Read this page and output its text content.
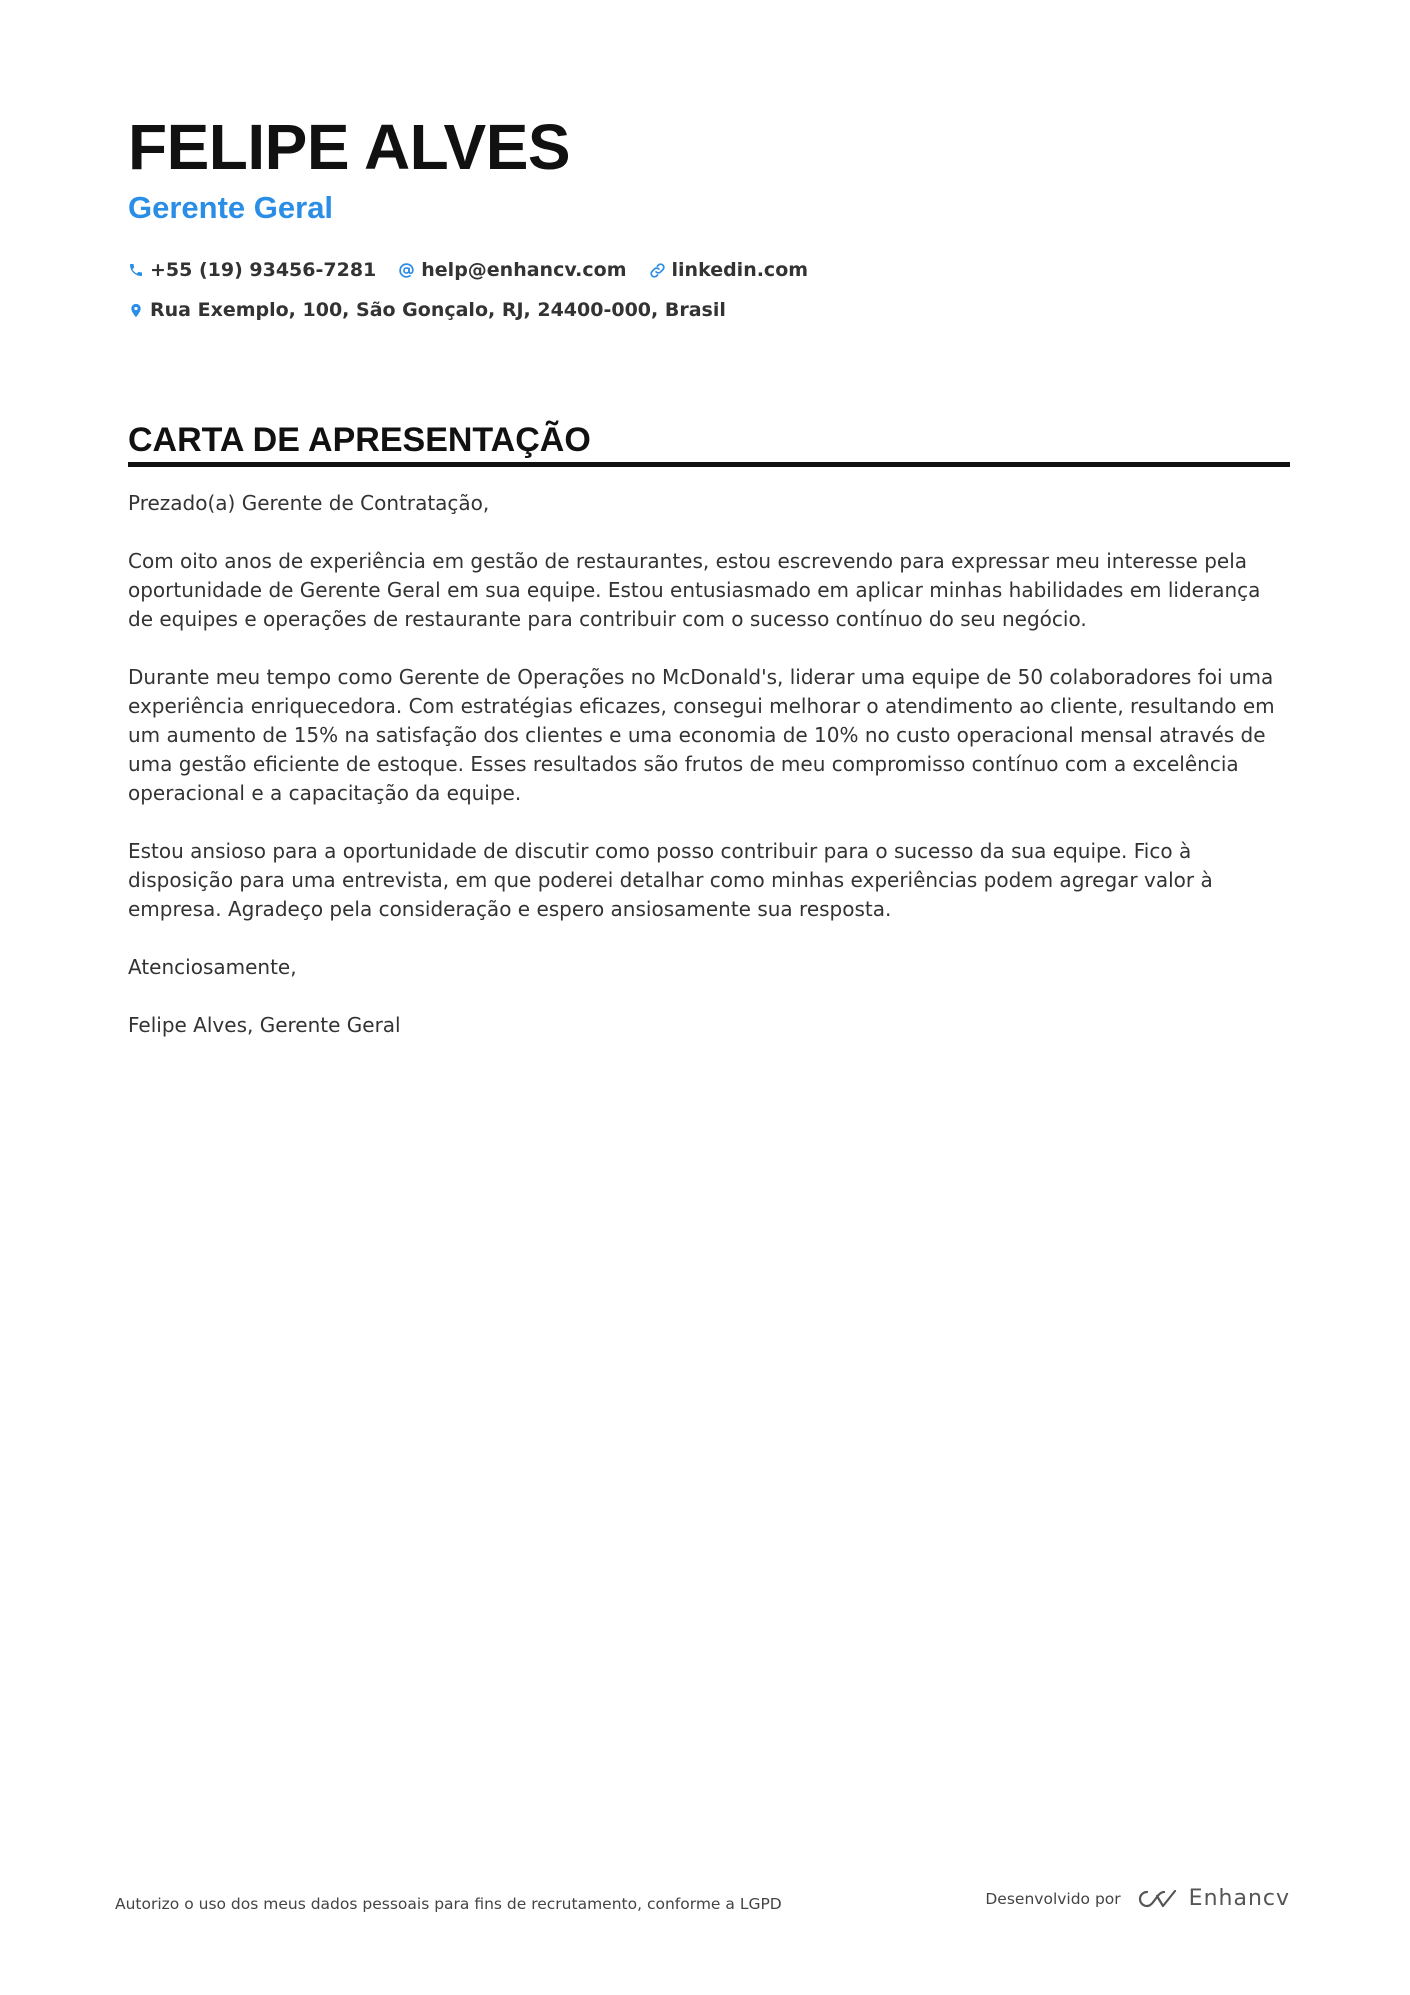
FELIPE ALVES
Gerente Geral
+55 (19) 93456-7281 help@enhancv.com linkedin.com
Rua Exemplo, 100, São Gonçalo, RJ, 24400-000, Brasil
CARTA DE APRESENTAÇÃO

Prezado(a) Gerente de Contratação,

Com oito anos de experiência em gestão de restaurantes, estou escrevendo para expressar meu interesse pela oportunidade de Gerente Geral em sua equipe. Estou entusiasmado em aplicar minhas habilidades em liderança de equipes e operações de restaurante para contribuir com o sucesso contínuo do seu negócio.

Durante meu tempo como Gerente de Operações no McDonald's, liderar uma equipe de 50 colaboradores foi uma experiência enriquecedora. Com estratégias eficazes, consegui melhorar o atendimento ao cliente, resultando em um aumento de 15% na satisfação dos clientes e uma economia de 10% no custo operacional mensal através de uma gestão eficiente de estoque. Esses resultados são frutos de meu compromisso contínuo com a excelência operacional e a capacitação da equipe.

Estou ansioso para a oportunidade de discutir como posso contribuir para o sucesso da sua equipe. Fico à disposição para uma entrevista, em que poderei detalhar como minhas experiências podem agregar valor à empresa. Agradeço pela consideração e espero ansiosamente sua resposta.

Atenciosamente,

Felipe Alves, Gerente Geral

Autorizo o uso dos meus dados pessoais para fins de recrutamento, conforme a LGPD	Desenvolvido por	Enhancv
